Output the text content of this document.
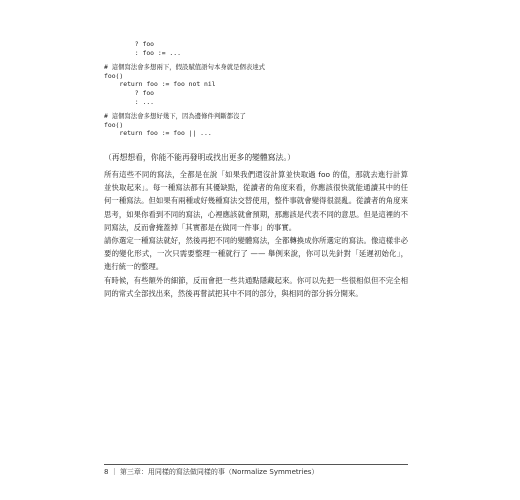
? foo
: foo := ...
# 這個寫法會多想兩下，假設賦值語句本身就是個表達式
foo()
return foo := foo not nil
? foo
: ...
# 這個寫法會多想好幾下，因為邊條件判斷都沒了
foo()
return foo := foo || ...
（再想想看，你能不能再發明或找出更多的變體寫法。）
所有這些不同的寫法，全都是在說「如果我們還沒計算並快取過 foo 的值，那就去進行計算並快取起來」。每一種寫法都有其優缺點，從讀者的角度來看，你應該很快就能通讀其中的任何一種寫法。但如果有兩種或好幾種寫法交替使用，整件事就會變得很混亂。從讀者的角度來思考，如果你看到不同的寫法，心裡應該就會預期，那應該是代表不同的意思。但是這裡的不同寫法，反而會掩蓋掉「其實都是在做同一件事」的事實。
請你選定一種寫法就好，然後再把不同的變體寫法，全都轉換成你所選定的寫法。像這樣非必要的變化形式，一次只需要整理一種就行了 —— 舉例來說，你可以先針對「延遲初始化」，進行統一的整理。
有時候，有些額外的細節，反而會把一些共通點隱藏起來。你可以先把一些很相似但不完全相同的常式全部找出來，然後再嘗試把其中不同的部分，與相同的部分拆分開來。
8 ｜ 第三章：用同樣的寫法做同樣的事（Normalize Symmetries）
